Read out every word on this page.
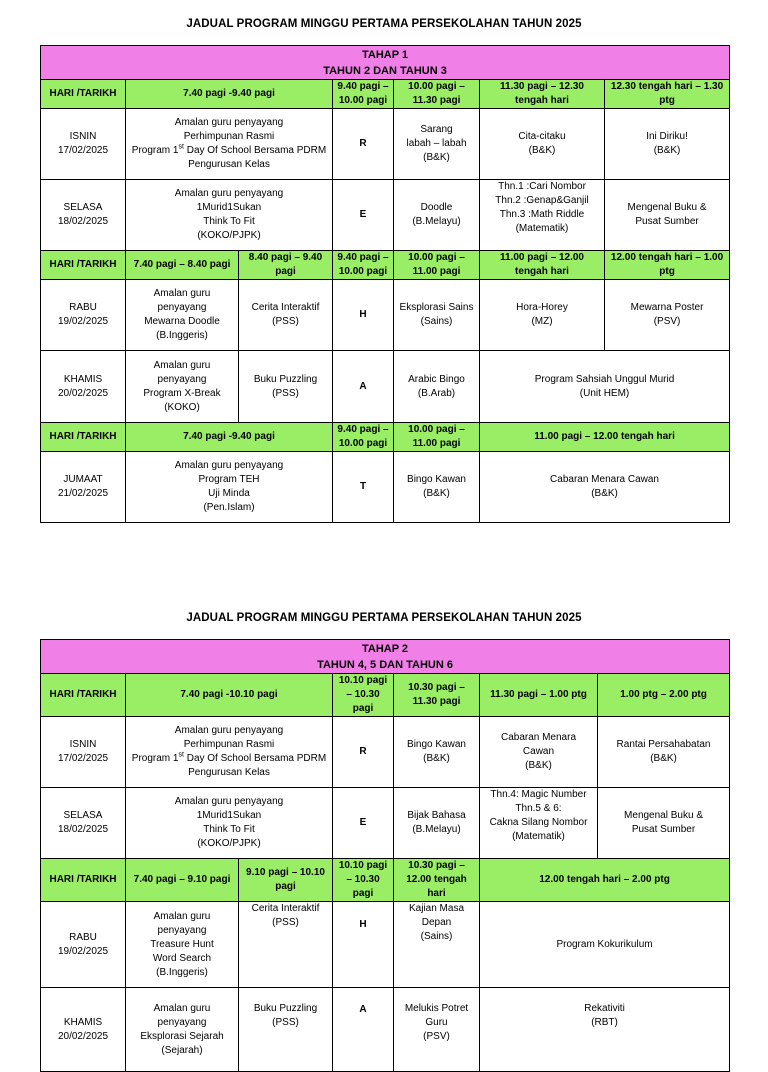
JADUAL PROGRAM MINGGU PERTAMA PERSEKOLAHAN TAHUN 2025
TAHAP 1
TAHUN 2 DAN TAHUN 3						

HARI /TARIKH	7.40 pagi -9.40 pagi		9.40 pagi – 10.00 pagi	10.00 pagi – 11.30 pagi	11.30 pagi – 12.30 tengah hari	12.30 tengah hari – 1.30 ptg

ISNIN
17/02/2025	Amalan guru penyayang
Perhimpunan Rasmi
Program 1st Day Of School Bersama PDRM
Pengurusan Kelas		R	Sarang
labah – labah
(B&K)	Cita-citaku
(B&K)	Ini Diriku!
(B&K)

SELASA
18/02/2025	Amalan guru penyayang
1Murid1Sukan
Think To Fit
(KOKO/PJPK)		E	Doodle
(B.Melayu)	Thn.1 :Cari Nombor
Thn.2 :Genap&Ganjil
Thn.3 :Math Riddle
(Matematik)	Mengenal Buku &
Pusat Sumber

HARI /TARIKH	7.40 pagi – 8.40 pagi	8.40 pagi – 9.40 pagi	9.40 pagi – 10.00 pagi	10.00 pagi – 11.00 pagi	11.00 pagi – 12.00 tengah hari	12.00 tengah hari – 1.00 ptg

RABU
19/02/2025	Amalan guru
penyayang
Mewarna Doodle
(B.Inggeris)	Cerita Interaktif
(PSS)	H	Eksplorasi Sains
(Sains)	Hora-Horey
(MZ)	Mewarna Poster
(PSV)

KHAMIS
20/02/2025	Amalan guru
penyayang
Program X-Break
(KOKO)	Buku Puzzling
(PSS)	A	Arabic Bingo
(B.Arab)	Program Sahsiah Unggul Murid
(Unit HEM)	

HARI /TARIKH	7.40 pagi -9.40 pagi		9.40 pagi – 10.00 pagi	10.00 pagi – 11.00 pagi	11.00 pagi – 12.00 tengah hari	

JUMAAT
21/02/2025	Amalan guru penyayang
Program TEH
Uji Minda
(Pen.Islam)		T	Bingo Kawan
(B&K)	Cabaran Menara Cawan
(B&K)	
JADUAL PROGRAM MINGGU PERTAMA PERSEKOLAHAN TAHUN 2025
TAHAP 2
TAHUN 4, 5 DAN TAHUN 6						

HARI /TARIKH	7.40 pagi -10.10 pagi		10.10 pagi – 10.30 pagi	10.30 pagi – 11.30 pagi	11.30 pagi – 1.00 ptg	1.00 ptg – 2.00 ptg

ISNIN
17/02/2025	Amalan guru penyayang
Perhimpunan Rasmi
Program 1st Day Of School Bersama PDRM
Pengurusan Kelas		R	Bingo Kawan
(B&K)	Cabaran Menara
Cawan
(B&K)	Rantai Persahabatan
(B&K)

SELASA
18/02/2025	Amalan guru penyayang
1Murid1Sukan
Think To Fit
(KOKO/PJPK)		E	Bijak Bahasa
(B.Melayu)	Thn.4: Magic Number
Thn.5 & 6:
Cakna Silang Nombor
(Matematik)	Mengenal Buku &
Pusat Sumber

HARI /TARIKH	7.40 pagi – 9.10 pagi	9.10 pagi – 10.10 pagi	10.10 pagi – 10.30 pagi	10.30 pagi – 12.00 tengah hari	12.00 tengah hari – 2.00 ptg	

RABU
19/02/2025	Amalan guru
penyayang
Treasure Hunt
Word Search
(B.Inggeris)	Cerita Interaktif
(PSS)	H	Kajian Masa
Depan
(Sains)	Program Kokurikulum	

KHAMIS
20/02/2025	Amalan guru
penyayang
Eksplorasi Sejarah
(Sejarah)	Buku Puzzling
(PSS)	A	Melukis Potret
Guru
(PSV)	Rekativiti
(RBT)	
